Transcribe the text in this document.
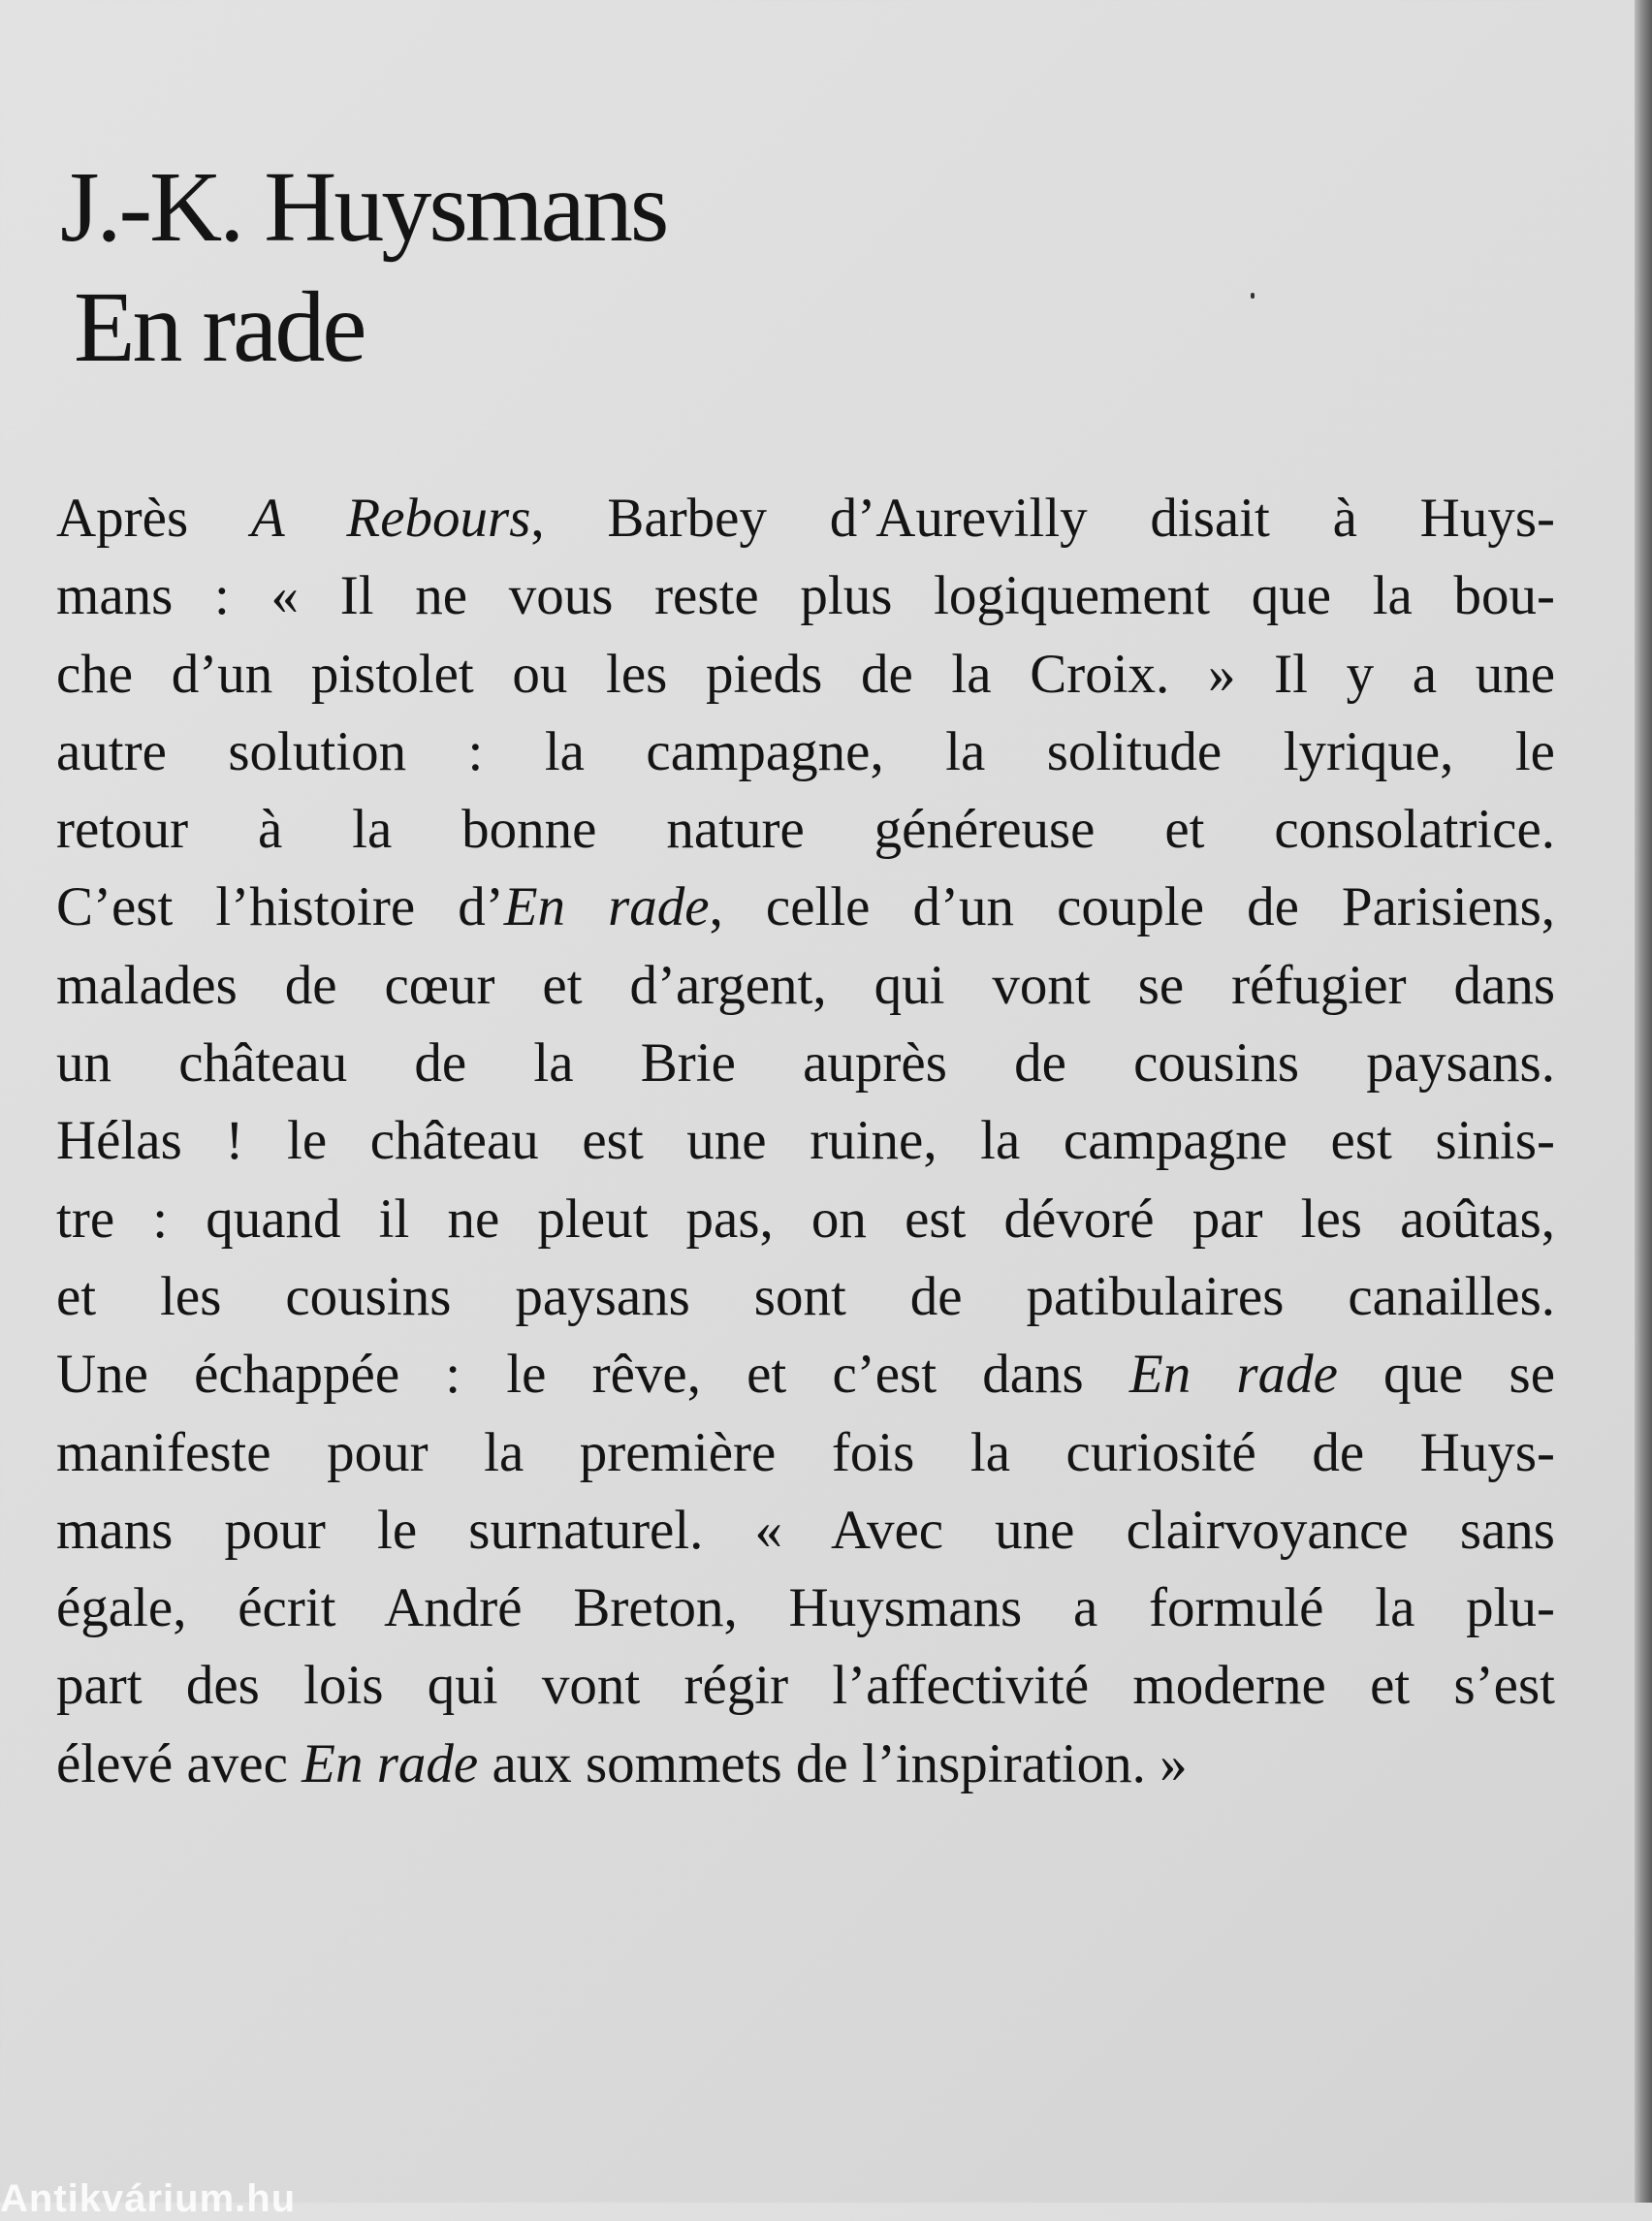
J.-K. Huysmans
En rade
Après A Rebours, Barbey d’Aurevilly disait à Huys-
mans : « Il ne vous reste plus logiquement que la bou-
che d’un pistolet ou les pieds de la Croix. » Il y a une
autre solution : la campagne, la solitude lyrique, le
retour à la bonne nature généreuse et consolatrice.
C’est l’histoire d’En rade, celle d’un couple de Parisiens,
malades de cœur et d’argent, qui vont se réfugier dans
un château de la Brie auprès de cousins paysans.
Hélas ! le château est une ruine, la campagne est sinis-
tre : quand il ne pleut pas, on est dévoré par les aoûtas,
et les cousins paysans sont de patibulaires canailles.
Une échappée : le rêve, et c’est dans En rade que se
manifeste pour la première fois la curiosité de Huys-
mans pour le surnaturel. « Avec une clairvoyance sans
égale, écrit André Breton, Huysmans a formulé la plu-
part des lois qui vont régir l’affectivité moderne et s’est
élevé avec En rade aux sommets de l’inspiration. »
Antikvárium.hu
